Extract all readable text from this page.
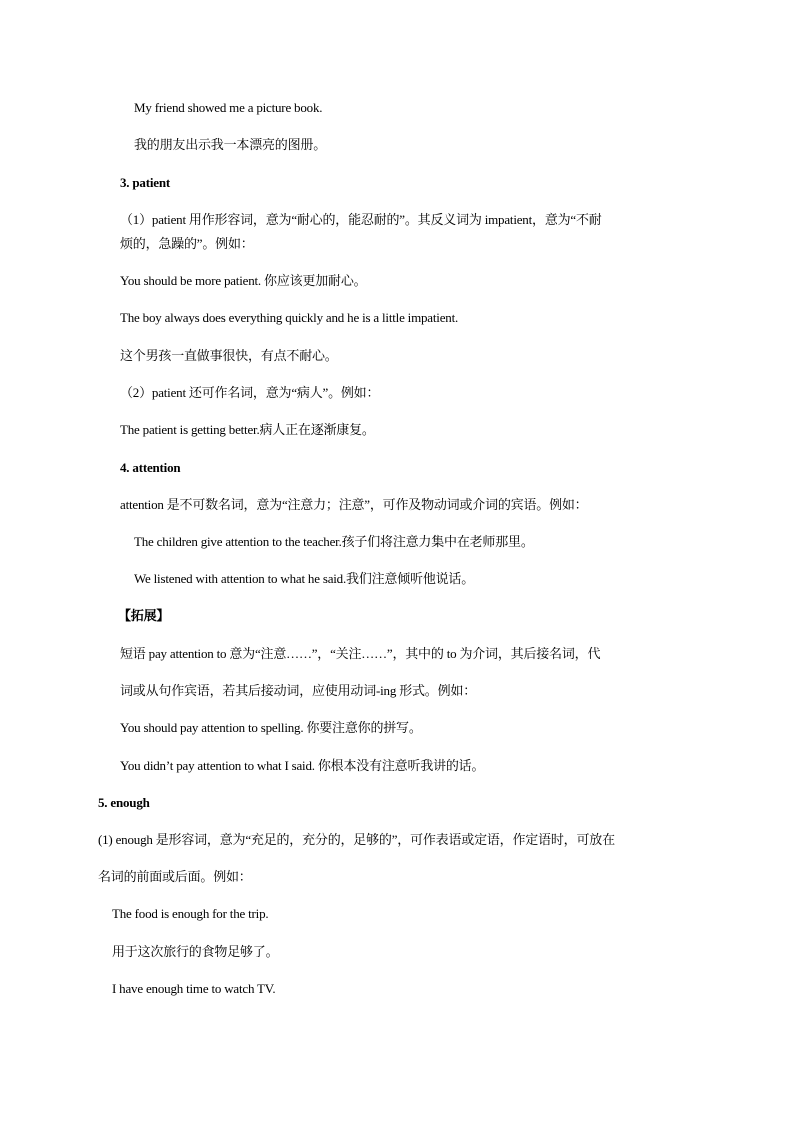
My friend showed me a picture book.
我的朋友出示我一本漂亮的图册。
3. patient
（1）patient 用作形容词，意为“耐心的，能忍耐的”。其反义词为 impatient，意为“不耐
烦的，急躁的”。例如：
You should be more patient. 你应该更加耐心。
The boy always does everything quickly and he is a little impatient.
这个男孩一直做事很快，有点不耐心。
（2）patient 还可作名词，意为“病人”。例如：
The patient is getting better.病人正在逐渐康复。
4. attention
attention 是不可数名词，意为“注意力；注意”，可作及物动词或介词的宾语。例如：
The children give attention to the teacher.孩子们将注意力集中在老师那里。
We listened with attention to what he said.我们注意倾听他说话。
【拓展】
短语 pay attention to 意为“注意……”，“关注……”，其中的 to 为介词，其后接名词，代
词或从句作宾语，若其后接动词，应使用动词-ing 形式。例如：
You should pay attention to spelling. 你要注意你的拼写。
You didn’t pay attention to what I said. 你根本没有注意听我讲的话。
5. enough
(1) enough 是形容词，意为“充足的，充分的，足够的”，可作表语或定语，作定语时，可放在
名词的前面或后面。例如：
The food is enough for the trip.
用于这次旅行的食物足够了。
I have enough time to watch TV.
